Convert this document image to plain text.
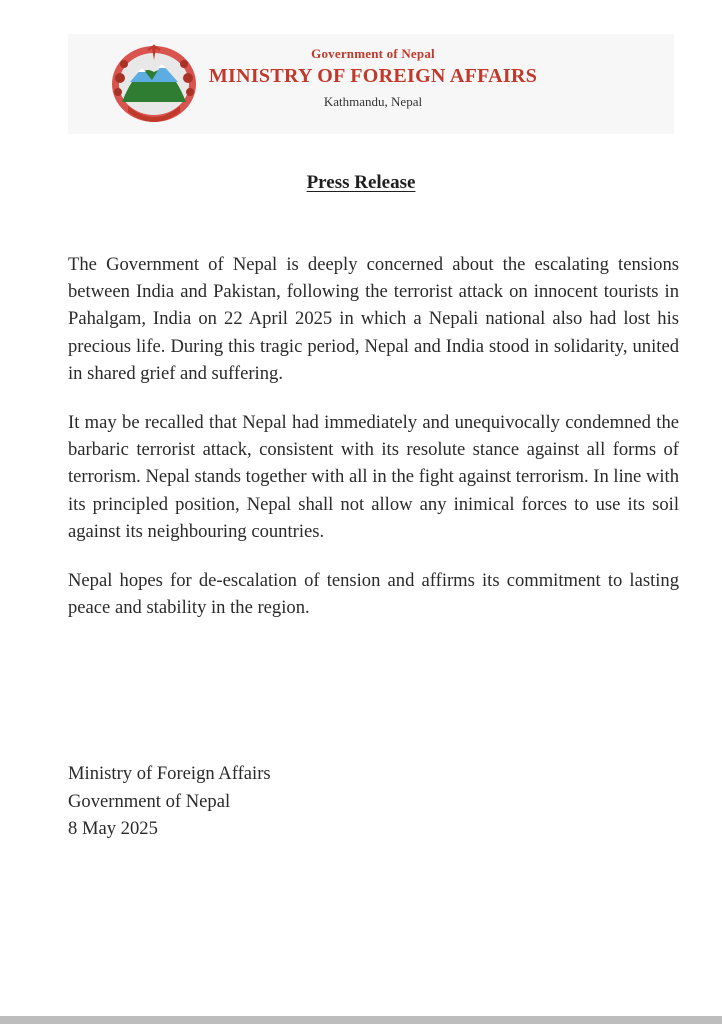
Government of Nepal
MINISTRY OF FOREIGN AFFAIRS
Kathmandu, Nepal
Press Release

The Government of Nepal is deeply concerned about the escalating tensions between India and Pakistan, following the terrorist attack on innocent tourists in Pahalgam, India on 22 April 2025 in which a Nepali national also had lost his precious life. During this tragic period, Nepal and India stood in solidarity, united in shared grief and suffering.

It may be recalled that Nepal had immediately and unequivocally condemned the barbaric terrorist attack, consistent with its resolute stance against all forms of terrorism. Nepal stands together with all in the fight against terrorism. In line with its principled position, Nepal shall not allow any inimical forces to use its soil against its neighbouring countries.

Nepal hopes for de-escalation of tension and affirms its commitment to lasting peace and stability in the region.

Ministry of Foreign Affairs
Government of Nepal
8 May 2025
